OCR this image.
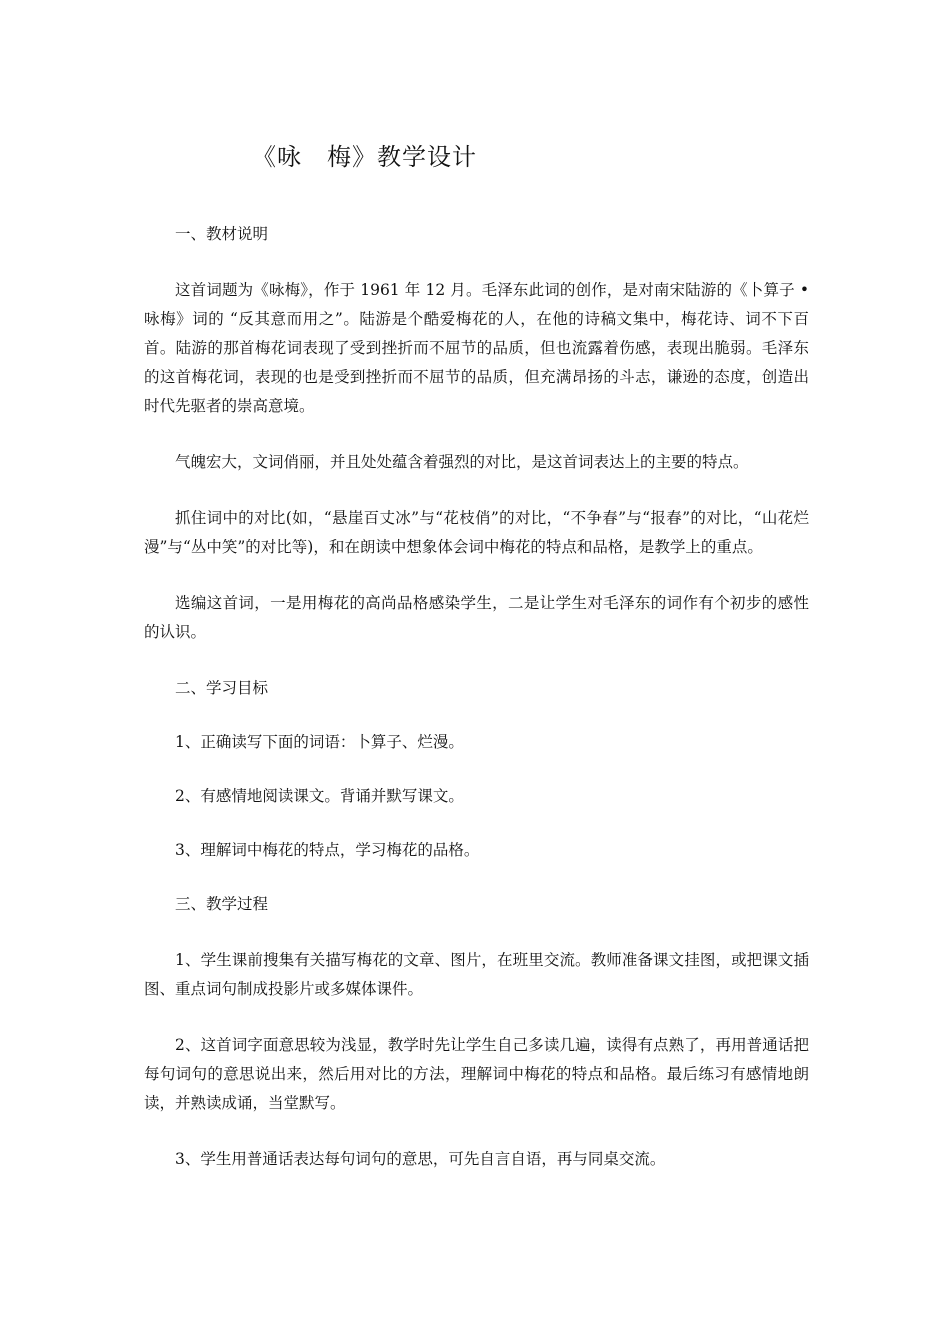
《咏　梅》教学设计

一、教材说明

这首词题为《咏梅》，作于 1961 年 12 月。毛泽东此词的创作，是对南宋陆游的《卜算子 •咏梅》词的 “反其意而用之”。陆游是个酷爱梅花的人，在他的诗稿文集中，梅花诗、词不下百首。陆游的那首梅花词表现了受到挫折而不屈节的品质，但也流露着伤感，表现出脆弱。毛泽东的这首梅花词，表现的也是受到挫折而不屈节的品质，但充满昂扬的斗志，谦逊的态度，创造出时代先驱者的崇高意境。

气魄宏大，文词俏丽，并且处处蕴含着强烈的对比，是这首词表达上的主要的特点。

抓住词中的对比(如，“悬崖百丈冰”与“花枝俏”的对比，“不争春”与“报春”的对比，“山花烂漫”与“丛中笑”的对比等)，和在朗读中想象体会词中梅花的特点和品格，是教学上的重点。

选编这首词，一是用梅花的高尚品格感染学生，二是让学生对毛泽东的词作有个初步的感性的认识。

二、学习目标

1、正确读写下面的词语：卜算子、烂漫。

2、有感情地阅读课文。背诵并默写课文。

3、理解词中梅花的特点，学习梅花的品格。

三、教学过程

1、学生课前搜集有关描写梅花的文章、图片，在班里交流。教师准备课文挂图，或把课文插图、重点词句制成投影片或多媒体课件。

2、这首词字面意思较为浅显，教学时先让学生自己多读几遍，读得有点熟了，再用普通话把每句词句的意思说出来，然后用对比的方法，理解词中梅花的特点和品格。最后练习有感情地朗读，并熟读成诵，当堂默写。

3、学生用普通话表达每句词句的意思，可先自言自语，再与同桌交流。
